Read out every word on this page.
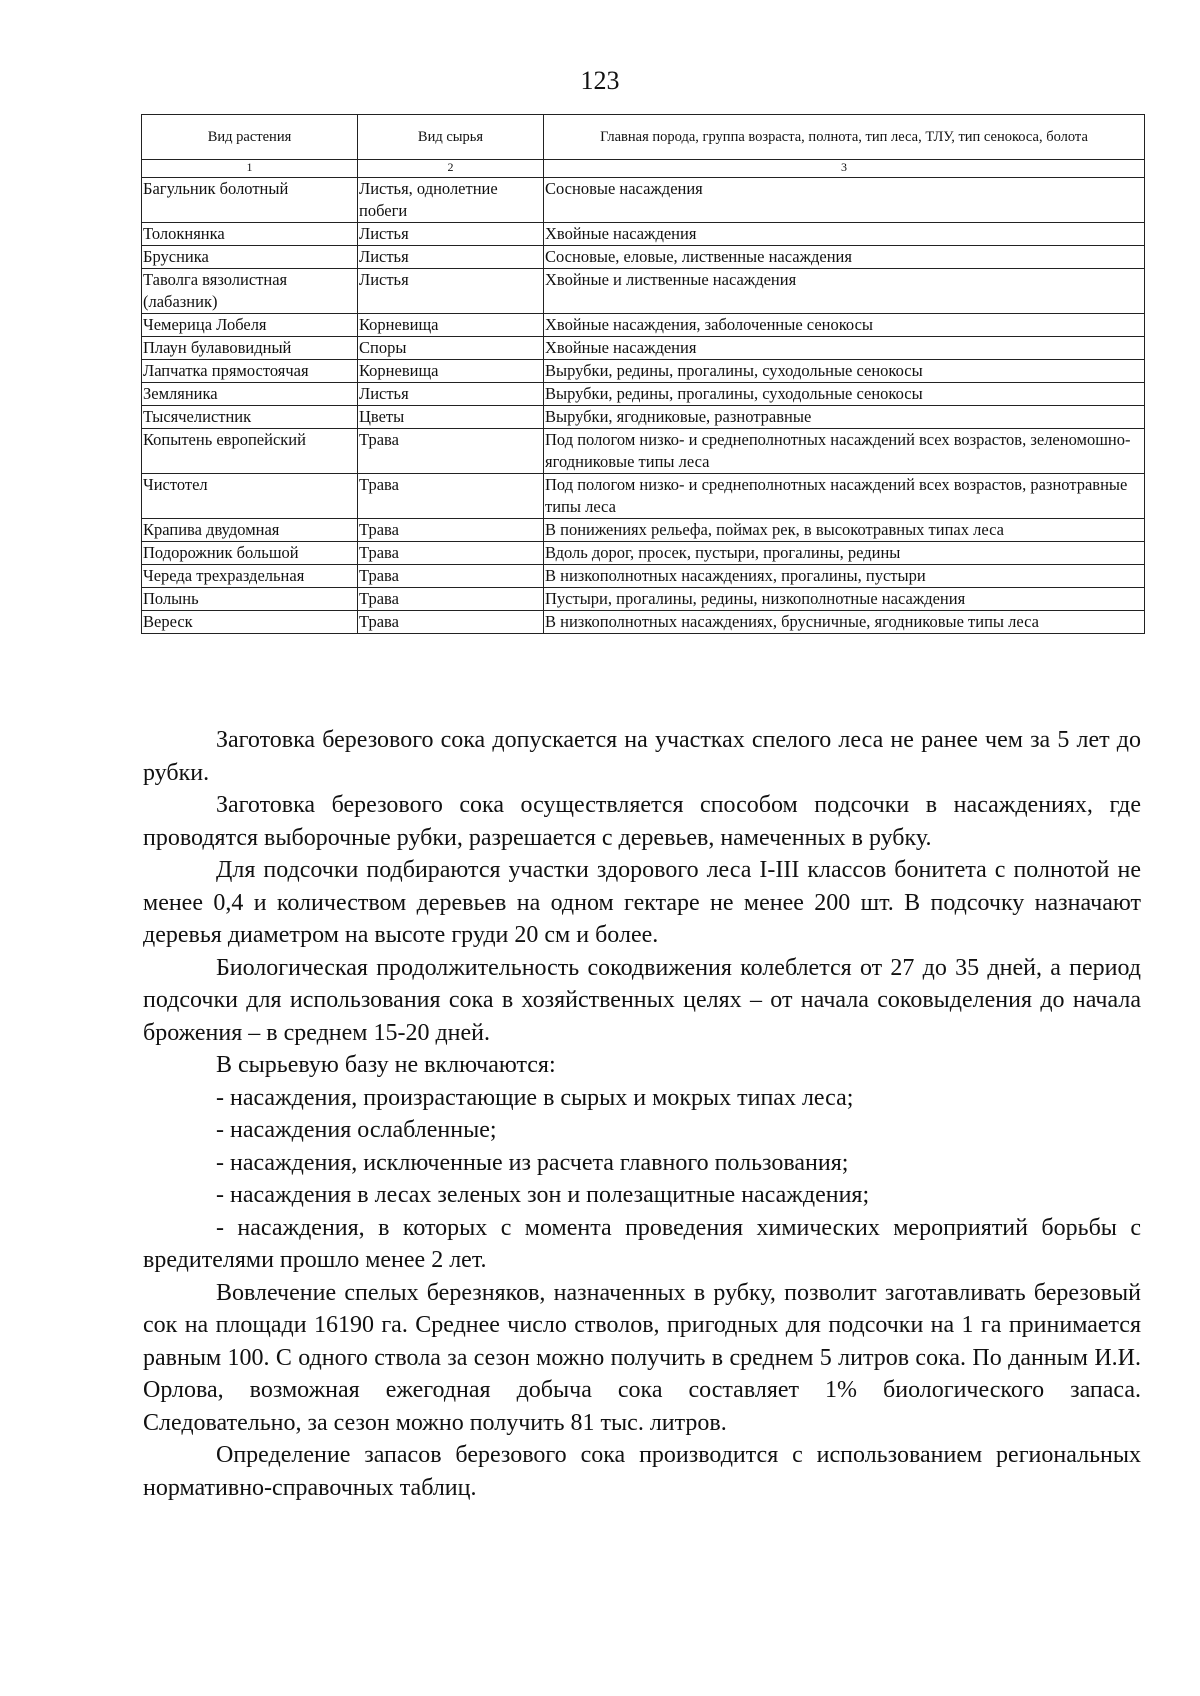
123
Вид растения	Вид сырья	Главная порода, группа возраста, полнота, тип леса, ТЛУ, тип сенокоса, болота
1	2	3
Багульник болотный	Листья, однолетние побеги	Сосновые насаждения
Толокнянка	Листья	Хвойные насаждения
Брусника	Листья	Сосновые, еловые, лиственные насаждения
Таволга вязолистная (лабазник)	Листья	Хвойные и лиственные насаждения
Чемерица Лобеля	Корневища	Хвойные насаждения, заболоченные сенокосы
Плаун булавовидный	Споры	Хвойные насаждения
Лапчатка прямостоячая	Корневища	Вырубки, редины, прогалины, суходольные сенокосы
Земляника	Листья	Вырубки, редины, прогалины, суходольные сенокосы
Тысячелистник	Цветы	Вырубки, ягодниковые, разнотравные
Копытень европейский	Трава	Под пологом низко- и среднеполнотных насаждений всех возрастов, зеленомошно-ягодниковые типы леса
Чистотел	Трава	Под пологом низко- и среднеполнотных насаждений всех возрастов, разнотравные типы леса
Крапива двудомная	Трава	В понижениях рельефа, поймах рек, в высокотравных типах леса
Подорожник большой	Трава	Вдоль дорог, просек, пустыри, прогалины, редины
Череда трехраздельная	Трава	В низкополнотных насаждениях, прогалины, пустыри
Полынь	Трава	Пустыри, прогалины, редины, низкополнотные насаждения
Вереск	Трава	В низкополнотных насаждениях, брусничные, ягодниковые типы леса

Заготовка березового сока допускается на участках спелого леса не ранее чем за 5 лет до рубки.

Заготовка березового сока осуществляется способом подсочки в насаждениях, где проводятся выборочные рубки, разрешается с деревьев, намеченных в рубку.

Для подсочки подбираются участки здорового леса I-III классов бонитета с полнотой не менее 0,4 и количеством деревьев на одном гектаре не менее 200 шт. В подсочку назначают деревья диаметром на высоте груди 20 см и более.

Биологическая продолжительность сокодвижения колеблется от 27 до 35 дней, а период подсочки для использования сока в хозяйственных целях – от начала соковыделения до начала брожения – в среднем 15-20 дней.

В сырьевую базу не включаются:

- насаждения, произрастающие в сырых и мокрых типах леса;

- насаждения ослабленные;

- насаждения, исключенные из расчета главного пользования;

- насаждения в лесах зеленых зон и полезащитные насаждения;

- насаждения, в которых с момента проведения химических мероприятий борьбы с вредителями прошло менее 2 лет.

Вовлечение спелых березняков, назначенных в рубку, позволит заготавливать березовый сок на площади 16190 га. Среднее число стволов, пригодных для подсочки на 1 га принимается равным 100. С одного ствола за сезон можно получить в среднем 5 литров сока. По данным И.И. Орлова, возможная ежегодная добыча сока составляет 1% биологического запаса. Следовательно, за сезон можно получить 81 тыс. литров.

Определение запасов березового сока производится с использованием региональных нормативно-справочных таблиц.
